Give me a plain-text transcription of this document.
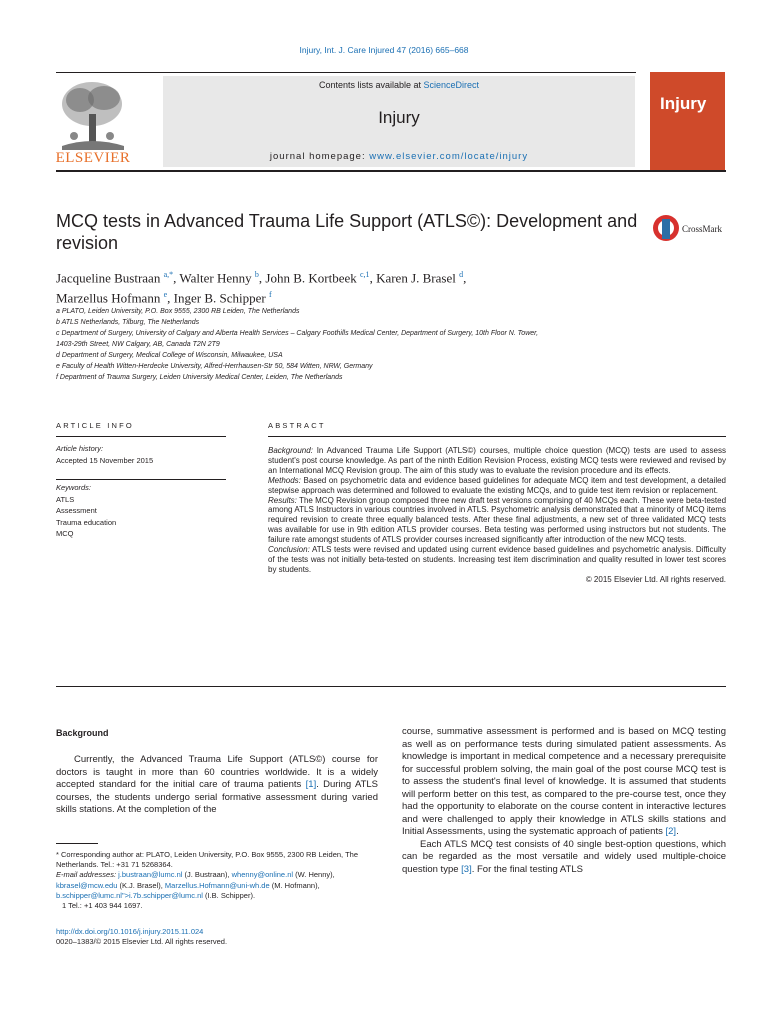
Injury, Int. J. Care Injured 47 (2016) 665–668
ELSEVIER
Contents lists available at ScienceDirect
Injury
journal homepage: www.elsevier.com/locate/injury
Injury
MCQ tests in Advanced Trauma Life Support (ATLS©): Development and revision
CrossMark
Jacqueline Bustraan $^{a,*}$, Walter Henny $^b$, John B. Kortbeek $^{c,1}$, Karen J. Brasel $^d$,
Marzellus Hofmann $^e$, Inger B. Schipper $^f$
a PLATO, Leiden University, P.O. Box 9555, 2300 RB Leiden, The Netherlands
b ATLS Netherlands, Tilburg, The Netherlands
c Department of Surgery, University of Calgary and Alberta Health Services – Calgary Foothills Medical Center, Department of Surgery, 10th Floor N. Tower,
1403-29th Street, NW Calgary, AB, Canada T2N 2T9
d Department of Surgery, Medical College of Wisconsin, Milwaukee, USA
e Faculty of Health Witten-Herdecke University, Alfred-Herrhausen-Str 50, 584 Witten, NRW, Germany
f Department of Trauma Surgery, Leiden University Medical Center, Leiden, The Netherlands
ARTICLE INFO
Article history:
Accepted 15 November 2015
Keywords:
ATLS
Assessment
Trauma education
MCQ
ABSTRACT

Background: In Advanced Trauma Life Support (ATLS©) courses, multiple choice question (MCQ) tests are used to assess student's post course knowledge. As part of the ninth Edition Revision Process, existing MCQ tests were reviewed and revised by an International MCQ Revision group. The aim of this study was to evaluate the revision procedure and its effects.

Methods: Based on psychometric data and evidence based guidelines for adequate MCQ item and test development, a detailed stepwise approach was determined and followed to evaluate the existing MCQs, and to guide test item revision or replacement.

Results: The MCQ Revision group composed three new draft test versions comprising of 40 MCQs each. These were beta-tested among ATLS Instructors in various countries involved in ATLS. Psychometric analysis demonstrated that a minority of MCQ items required revision to create three equally balanced tests. After these final adjustments, a new set of three validated MCQ tests was available for use in 9th edition ATLS provider courses. Beta testing was performed using instructors but not students. The failure rate amongst students of ATLS provider courses increased significantly after introduction of the new MCQ tests.

Conclusion: ATLS tests were revised and updated using current evidence based guidelines and psychometric analysis. Difficulty of the tests was not initially beta-tested on students. Increasing test item discrimination and quality resulted in lower test scores by students.

© 2015 Elsevier Ltd. All rights reserved.

Background

Currently, the Advanced Trauma Life Support (ATLS©) course for doctors is taught in more than 60 countries worldwide. It is a widely accepted standard for the initial care of trauma patients [1]. During ATLS courses, the students undergo serial formative assessment during varied skills stations. At the completion of the

course, summative assessment is performed and is based on MCQ testing as well as on performance tests during simulated patient assessments. As knowledge is important in medical competence and a necessary prerequisite for successful problem solving, the main goal of the post course MCQ test is to assess the student's final level of knowledge. It is assumed that students will perform better on this test, as compared to the pre-course test, once they had the opportunity to elaborate on the course content in interactive lectures and were challenged to apply their knowledge in ATLS skills stations and Initial Assessments, using the systematic approach of patients [2].

Each ATLS MCQ test consists of 40 single best-option questions, which can be regarded as the most versatile and widely used multiple-choice question type [3]. For the final testing ATLS

* Corresponding author at: PLATO, Leiden University, P.O. Box 9555, 2300 RB Leiden, The Netherlands. Tel.: +31 71 5268364.
E-mail addresses: j.bustraan@lumc.nl (J. Bustraan), whenny@online.nl (W. Henny), kbrasel@mcw.edu (K.J. Brasel), Marzellus.Hofmann@uni-wh.de (M. Hofmann), b.schipper@lumc.nl">i.7b.schipper@lumc.nl (I.B. Schipper).
1 Tel.: +1 403 944 1697.
http://dx.doi.org/10.1016/j.injury.2015.11.024
0020–1383/© 2015 Elsevier Ltd. All rights reserved.
